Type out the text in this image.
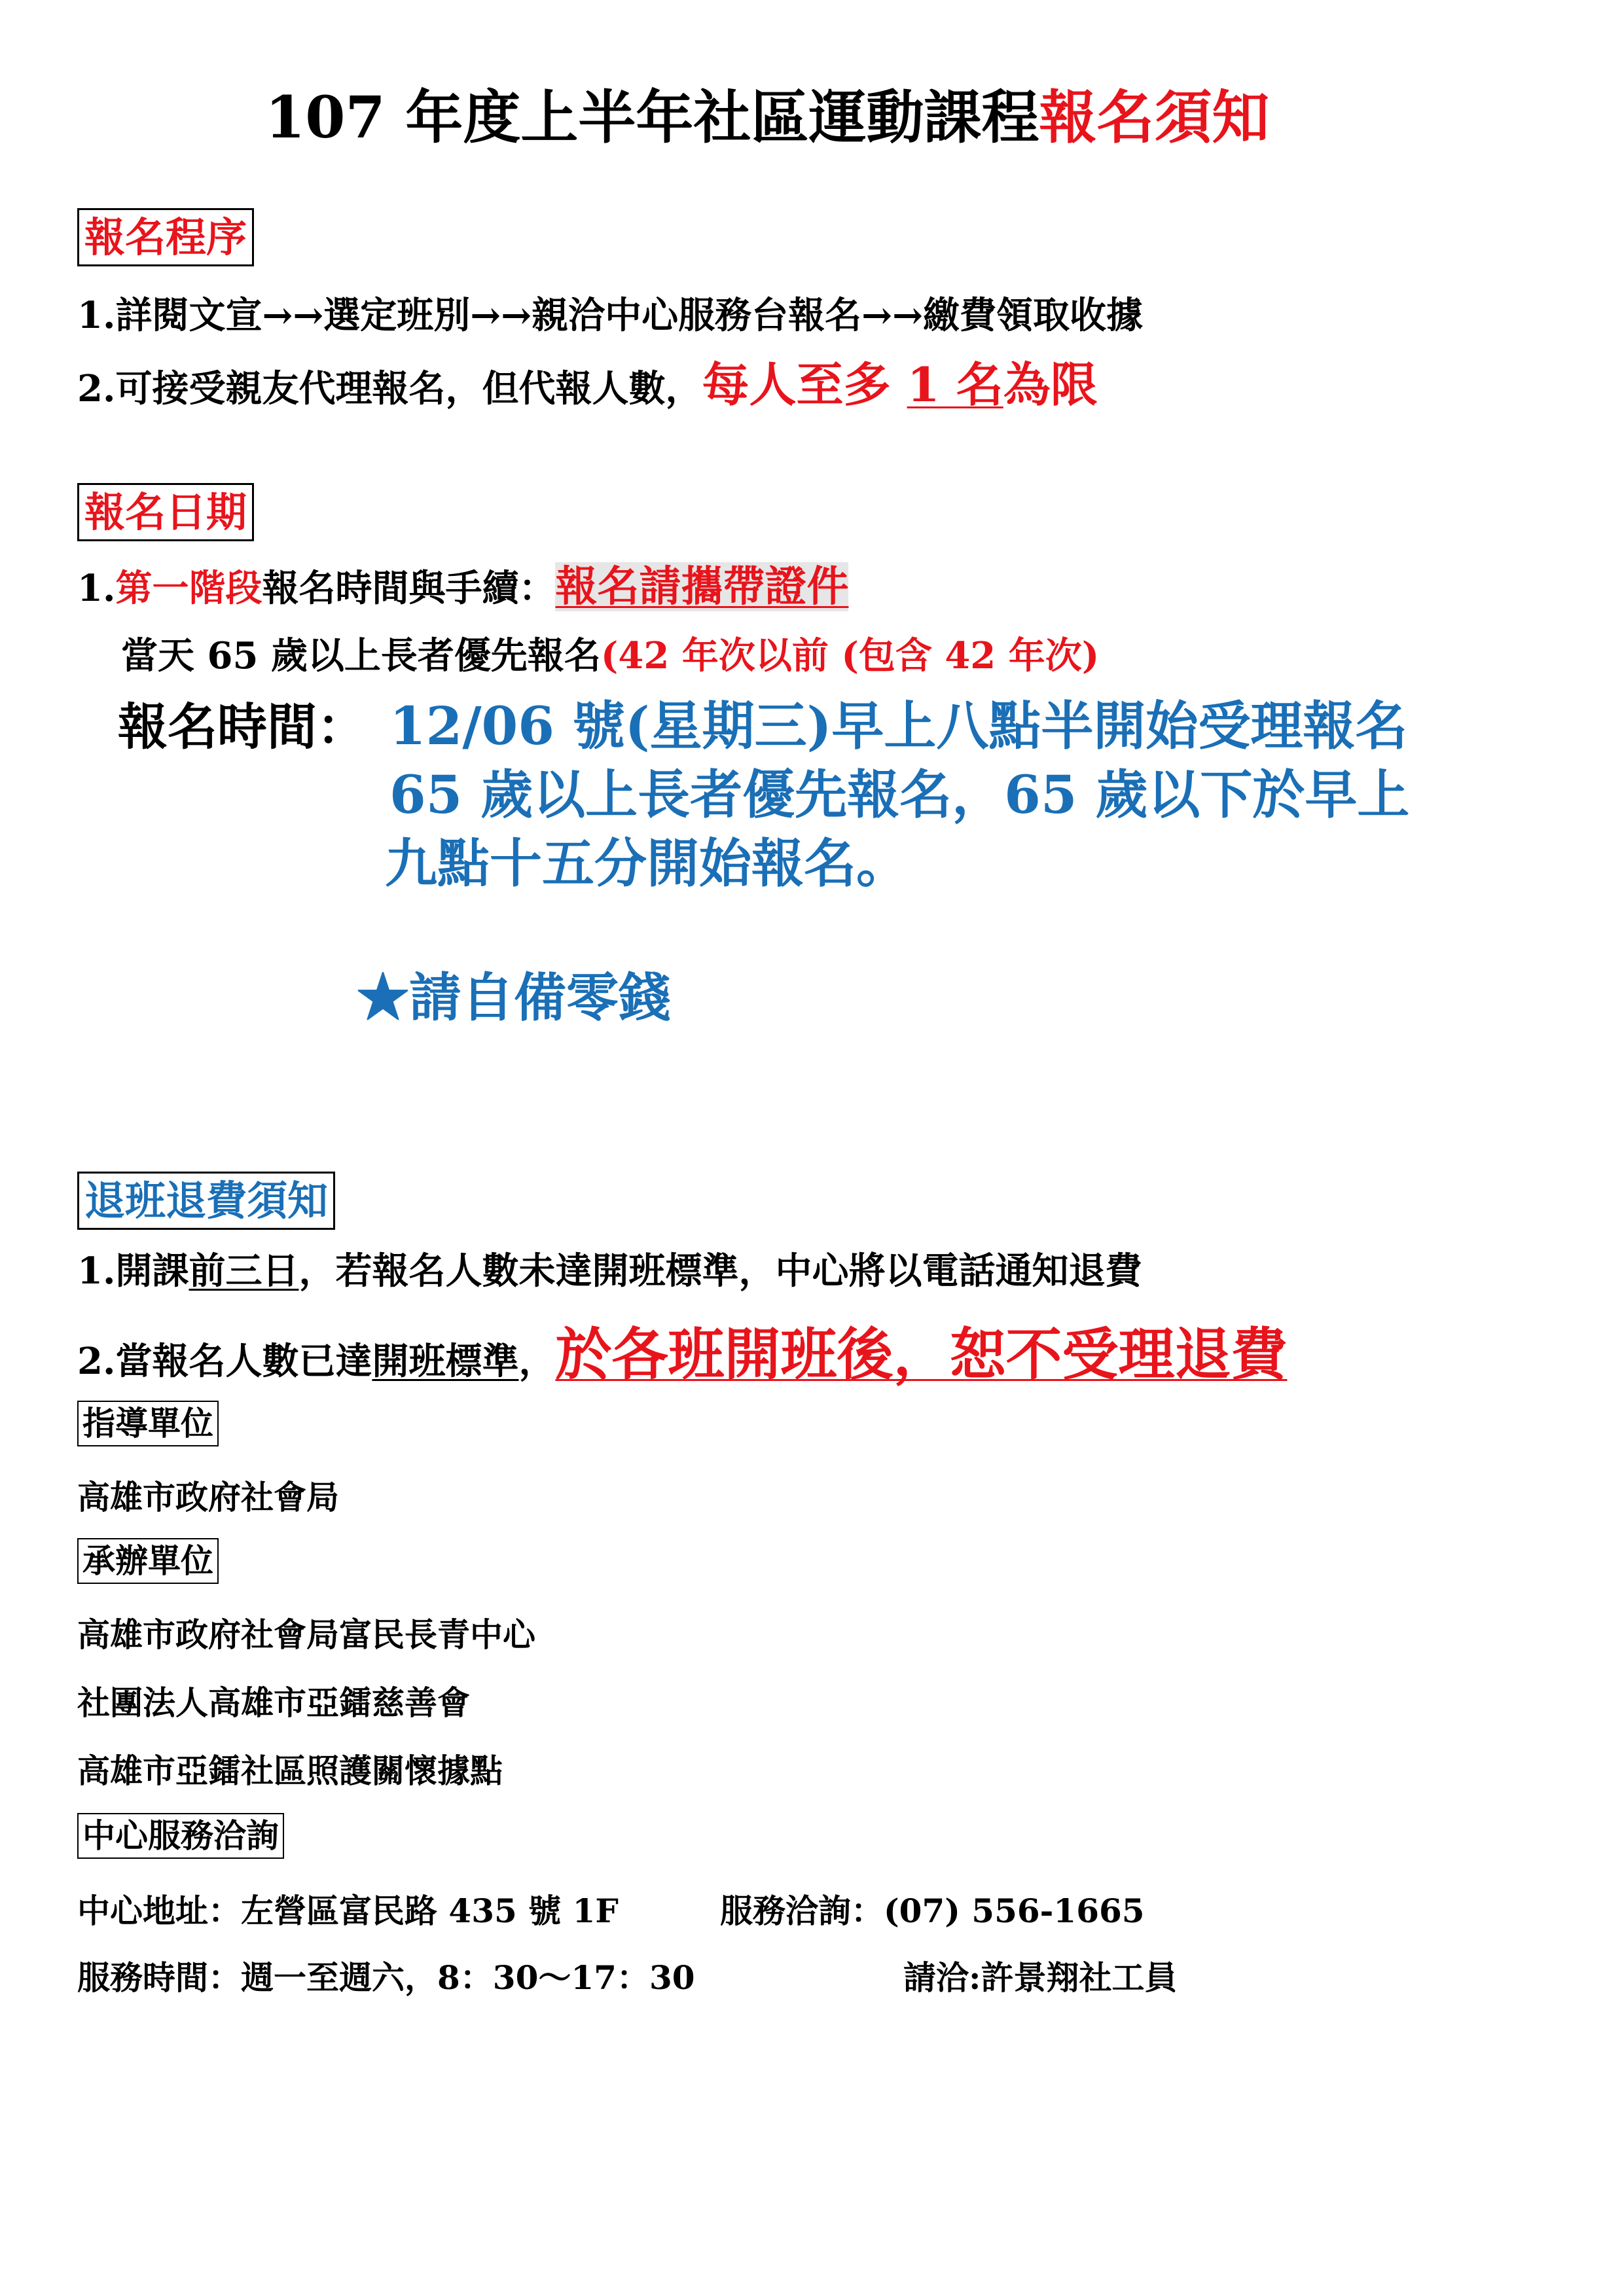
107 年度上半年社區運動課程報名須知
報名程序
1.詳閱文宣→→選定班別→→親洽中心服務台報名→→繳費領取收據
2.可接受親友代理報名，但代報人數，每人至多 1 名為限
報名日期
1.第一階段報名時間與手續：報名請攜帶證件
當天 65 歲以上長者優先報名(42 年次以前 (包含 42 年次)
報名時間： 12/06 號(星期三)早上八點半開始受理報名
65 歲以上長者優先報名，65 歲以下於早上
九點十五分開始報名。
★請自備零錢
退班退費須知
1.開課前三日，若報名人數未達開班標準，中心將以電話通知退費
2.當報名人數已達開班標準，於各班開班後，恕不受理退費
指導單位
高雄市政府社會局
承辦單位
高雄市政府社會局富民長青中心
社團法人高雄市亞鐳慈善會
高雄市亞鐳社區照護關懷據點
中心服務洽詢
中心地址：左營區富民路 435 號 1F	服務洽詢：(07) 556-1665
服務時間：週一至週六，8：30～17：30	請洽:許景翔社工員
